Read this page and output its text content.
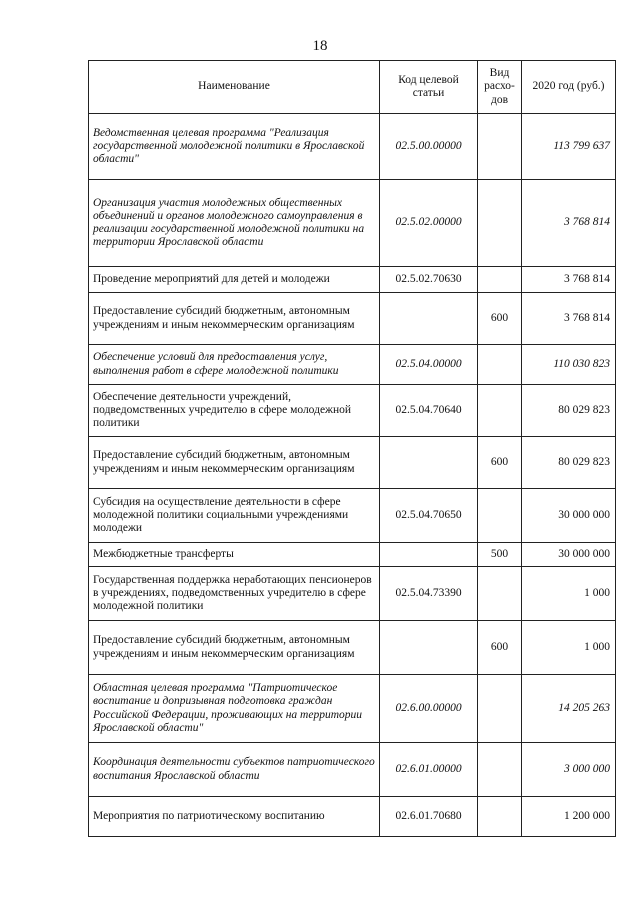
18
Наименование	Код целевой статьи	Вид расхо-дов	2020 год (руб.)
Ведомственная целевая программа "Реализация государственной молодежной политики в Ярославской области"	02.5.00.00000		113 799 637
Организация участия молодежных общественных объединений и органов молодежного самоуправления в реализации государственной молодежной политики на территории Ярославской области	02.5.02.00000		3 768 814
Проведение мероприятий для детей и молодежи	02.5.02.70630		3 768 814
Предоставление субсидий бюджетным, автономным учреждениям и иным некоммерческим организациям		600	3 768 814
Обеспечение условий для предоставления услуг, выполнения работ в сфере молодежной политики	02.5.04.00000		110 030 823
Обеспечение деятельности учреждений, подведомственных учредителю в сфере молодежной политики	02.5.04.70640		80 029 823
Предоставление субсидий бюджетным, автономным учреждениям и иным некоммерческим организациям		600	80 029 823
Субсидия на осуществление деятельности в сфере молодежной политики социальными учреждениями молодежи	02.5.04.70650		30 000 000
Межбюджетные трансферты		500	30 000 000
Государственная поддержка неработающих пенсионеров в учреждениях, подведомственных учредителю в сфере молодежной политики	02.5.04.73390		1 000
Предоставление субсидий бюджетным, автономным учреждениям и иным некоммерческим организациям		600	1 000
Областная целевая программа "Патриотическое воспитание и допризывная подготовка граждан Российской Федерации, проживающих на территории Ярославской области"	02.6.00.00000		14 205 263
Координация деятельности субъектов патриотического воспитания Ярославской области	02.6.01.00000		3 000 000
Мероприятия по патриотическому воспитанию	02.6.01.70680		1 200 000
